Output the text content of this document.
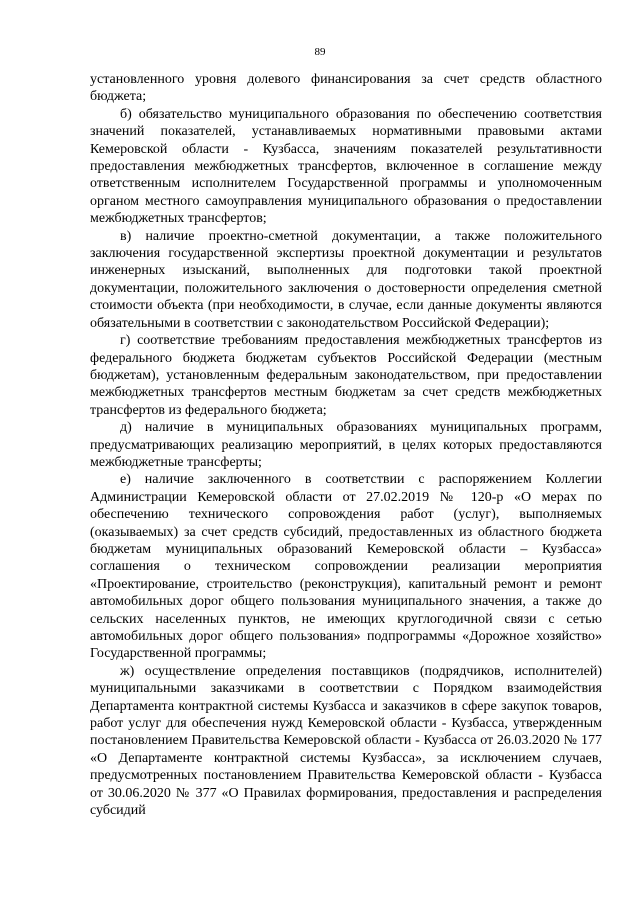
89

установленного уровня долевого финансирования за счет средств областного бюджета;

б) обязательство муниципального образования по обеспечению соответствия значений показателей, устанавливаемых нормативными правовыми актами Кемеровской области - Кузбасса, значениям показателей результативности предоставления межбюджетных трансфертов, включенное в соглашение между ответственным исполнителем Государственной программы и уполномоченным органом местного самоуправления муниципального образования о предоставлении межбюджетных трансфертов;

в) наличие проектно-сметной документации, а также положительного заключения государственной экспертизы проектной документации и результатов инженерных изысканий, выполненных для подготовки такой проектной документации, положительного заключения о достоверности определения сметной стоимости объекта (при необходимости, в случае, если данные документы являются обязательными в соответствии с законодательством Российской Федерации);

г) соответствие требованиям предоставления межбюджетных трансфертов из федерального бюджета бюджетам субъектов Российской Федерации (местным бюджетам), установленным федеральным законодательством, при предоставлении межбюджетных трансфертов местным бюджетам за счет средств межбюджетных трансфертов из федерального бюджета;

д) наличие в муниципальных образованиях муниципальных программ, предусматривающих реализацию мероприятий, в целях которых предоставляются межбюджетные трансферты;

е) наличие заключенного в соответствии с распоряжением Коллегии Администрации Кемеровской области от 27.02.2019 № 120-р «О мерах по обеспечению технического сопровождения работ (услуг), выполняемых (оказываемых) за счет средств субсидий, предоставленных из областного бюджета бюджетам муниципальных образований Кемеровской области – Кузбасса» соглашения о техническом сопровождении реализации мероприятия «Проектирование, строительство (реконструкция), капитальный ремонт и ремонт автомобильных дорог общего пользования муниципального значения, а также до сельских населенных пунктов, не имеющих круглогодичной связи с сетью автомобильных дорог общего пользования» подпрограммы «Дорожное хозяйство» Государственной программы;

ж) осуществление определения поставщиков (подрядчиков, исполнителей) муниципальными заказчиками в соответствии с Порядком взаимодействия Департамента контрактной системы Кузбасса и заказчиков в сфере закупок товаров, работ услуг для обеспечения нужд Кемеровской области - Кузбасса, утвержденным постановлением Правительства Кемеровской области - Кузбасса от 26.03.2020 № 177 «О Департаменте контрактной системы Кузбасса», за исключением случаев, предусмотренных постановлением Правительства Кемеровской области - Кузбасса от 30.06.2020 № 377 «О Правилах формирования, предоставления и распределения субсидий
